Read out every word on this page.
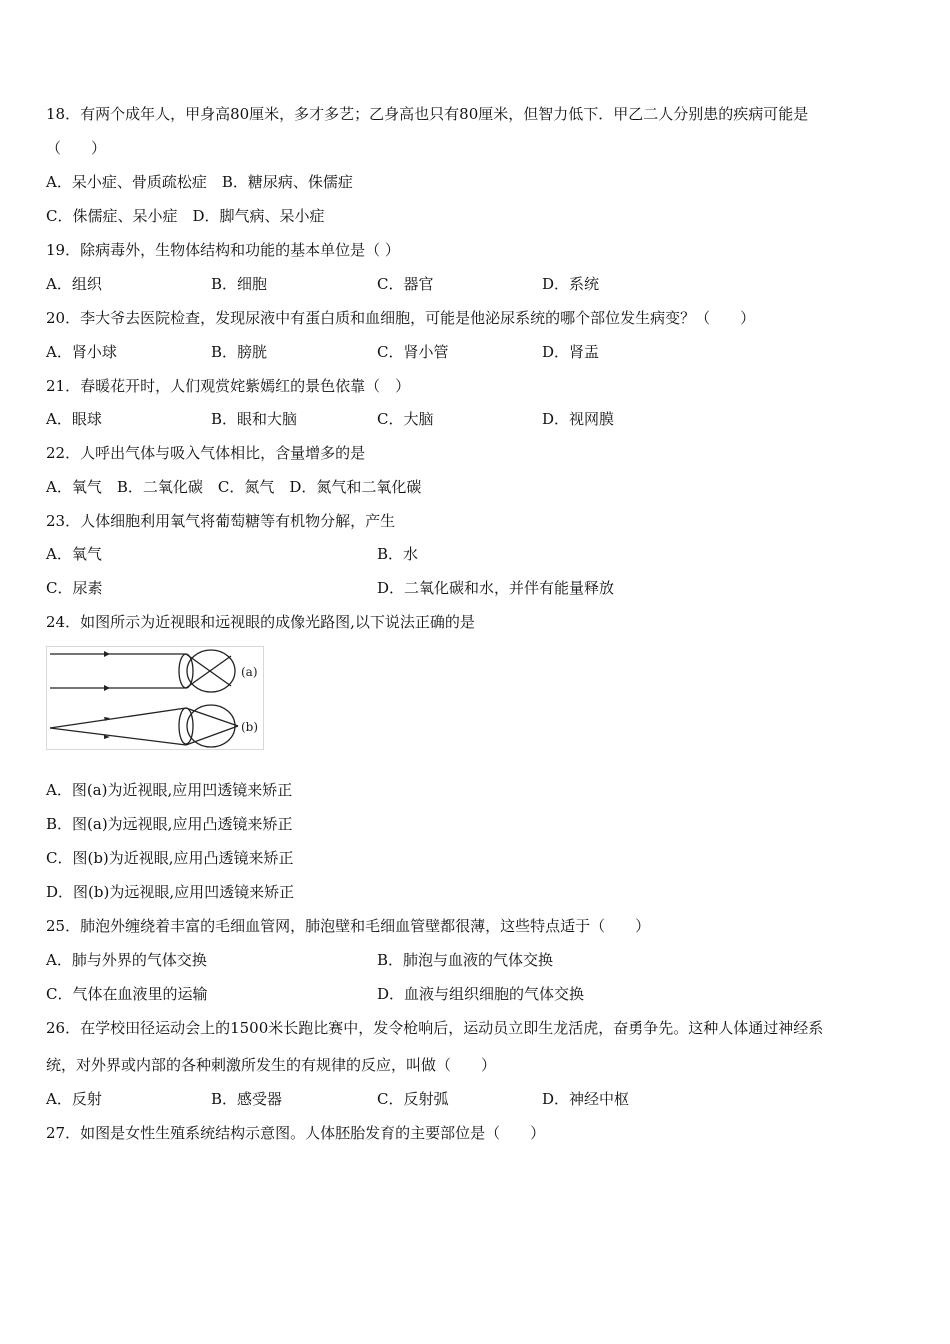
18．有两个成年人，甲身高80厘米，多才多艺；乙身高也只有80厘米，但智力低下．甲乙二人分别患的疾病可能是
（　　）
A．呆小症、骨质疏松症　B．糖尿病、侏儒症
C．侏儒症、呆小症　D．脚气病、呆小症
19．除病毒外，生物体结构和功能的基本单位是（ ）
A．组织	B．细胞	C．器官	D．系统
20．李大爷去医院检查，发现尿液中有蛋白质和血细胞，可能是他泌尿系统的哪个部位发生病变？（　　）
A．肾小球	B．膀胱	C．肾小管	D．肾盂
21．春暖花开时，人们观赏姹紫嫣红的景色依靠（　）
A．眼球	B．眼和大脑	C．大脑	D．视网膜
22．人呼出气体与吸入气体相比，含量增多的是
A．氧气　B．二氧化碳　C．氮气　D．氮气和二氧化碳
23．人体细胞利用氧气将葡萄糖等有机物分解，产生
A．氧气	B．水
C．尿素	D．二氧化碳和水，并伴有能量释放
24．如图所示为近视眼和远视眼的成像光路图,以下说法正确的是
(a)
(b)
A．图(a)为近视眼,应用凹透镜来矫正
B．图(a)为远视眼,应用凸透镜来矫正
C．图(b)为近视眼,应用凸透镜来矫正
D．图(b)为远视眼,应用凹透镜来矫正
25．肺泡外缠绕着丰富的毛细血管网，肺泡壁和毛细血管壁都很薄，这些特点适于（　　）
A．肺与外界的气体交换	B．肺泡与血液的气体交换
C．气体在血液里的运输	D．血液与组织细胞的气体交换
26．在学校田径运动会上的1500米长跑比赛中，发令枪响后，运动员立即生龙活虎，奋勇争先。这种人体通过神经系
统，对外界或内部的各种刺激所发生的有规律的反应，叫做（　　）
A．反射	B．感受器	C．反射弧	D．神经中枢
27．如图是女性生殖系统结构示意图。人体胚胎发育的主要部位是（　　）
